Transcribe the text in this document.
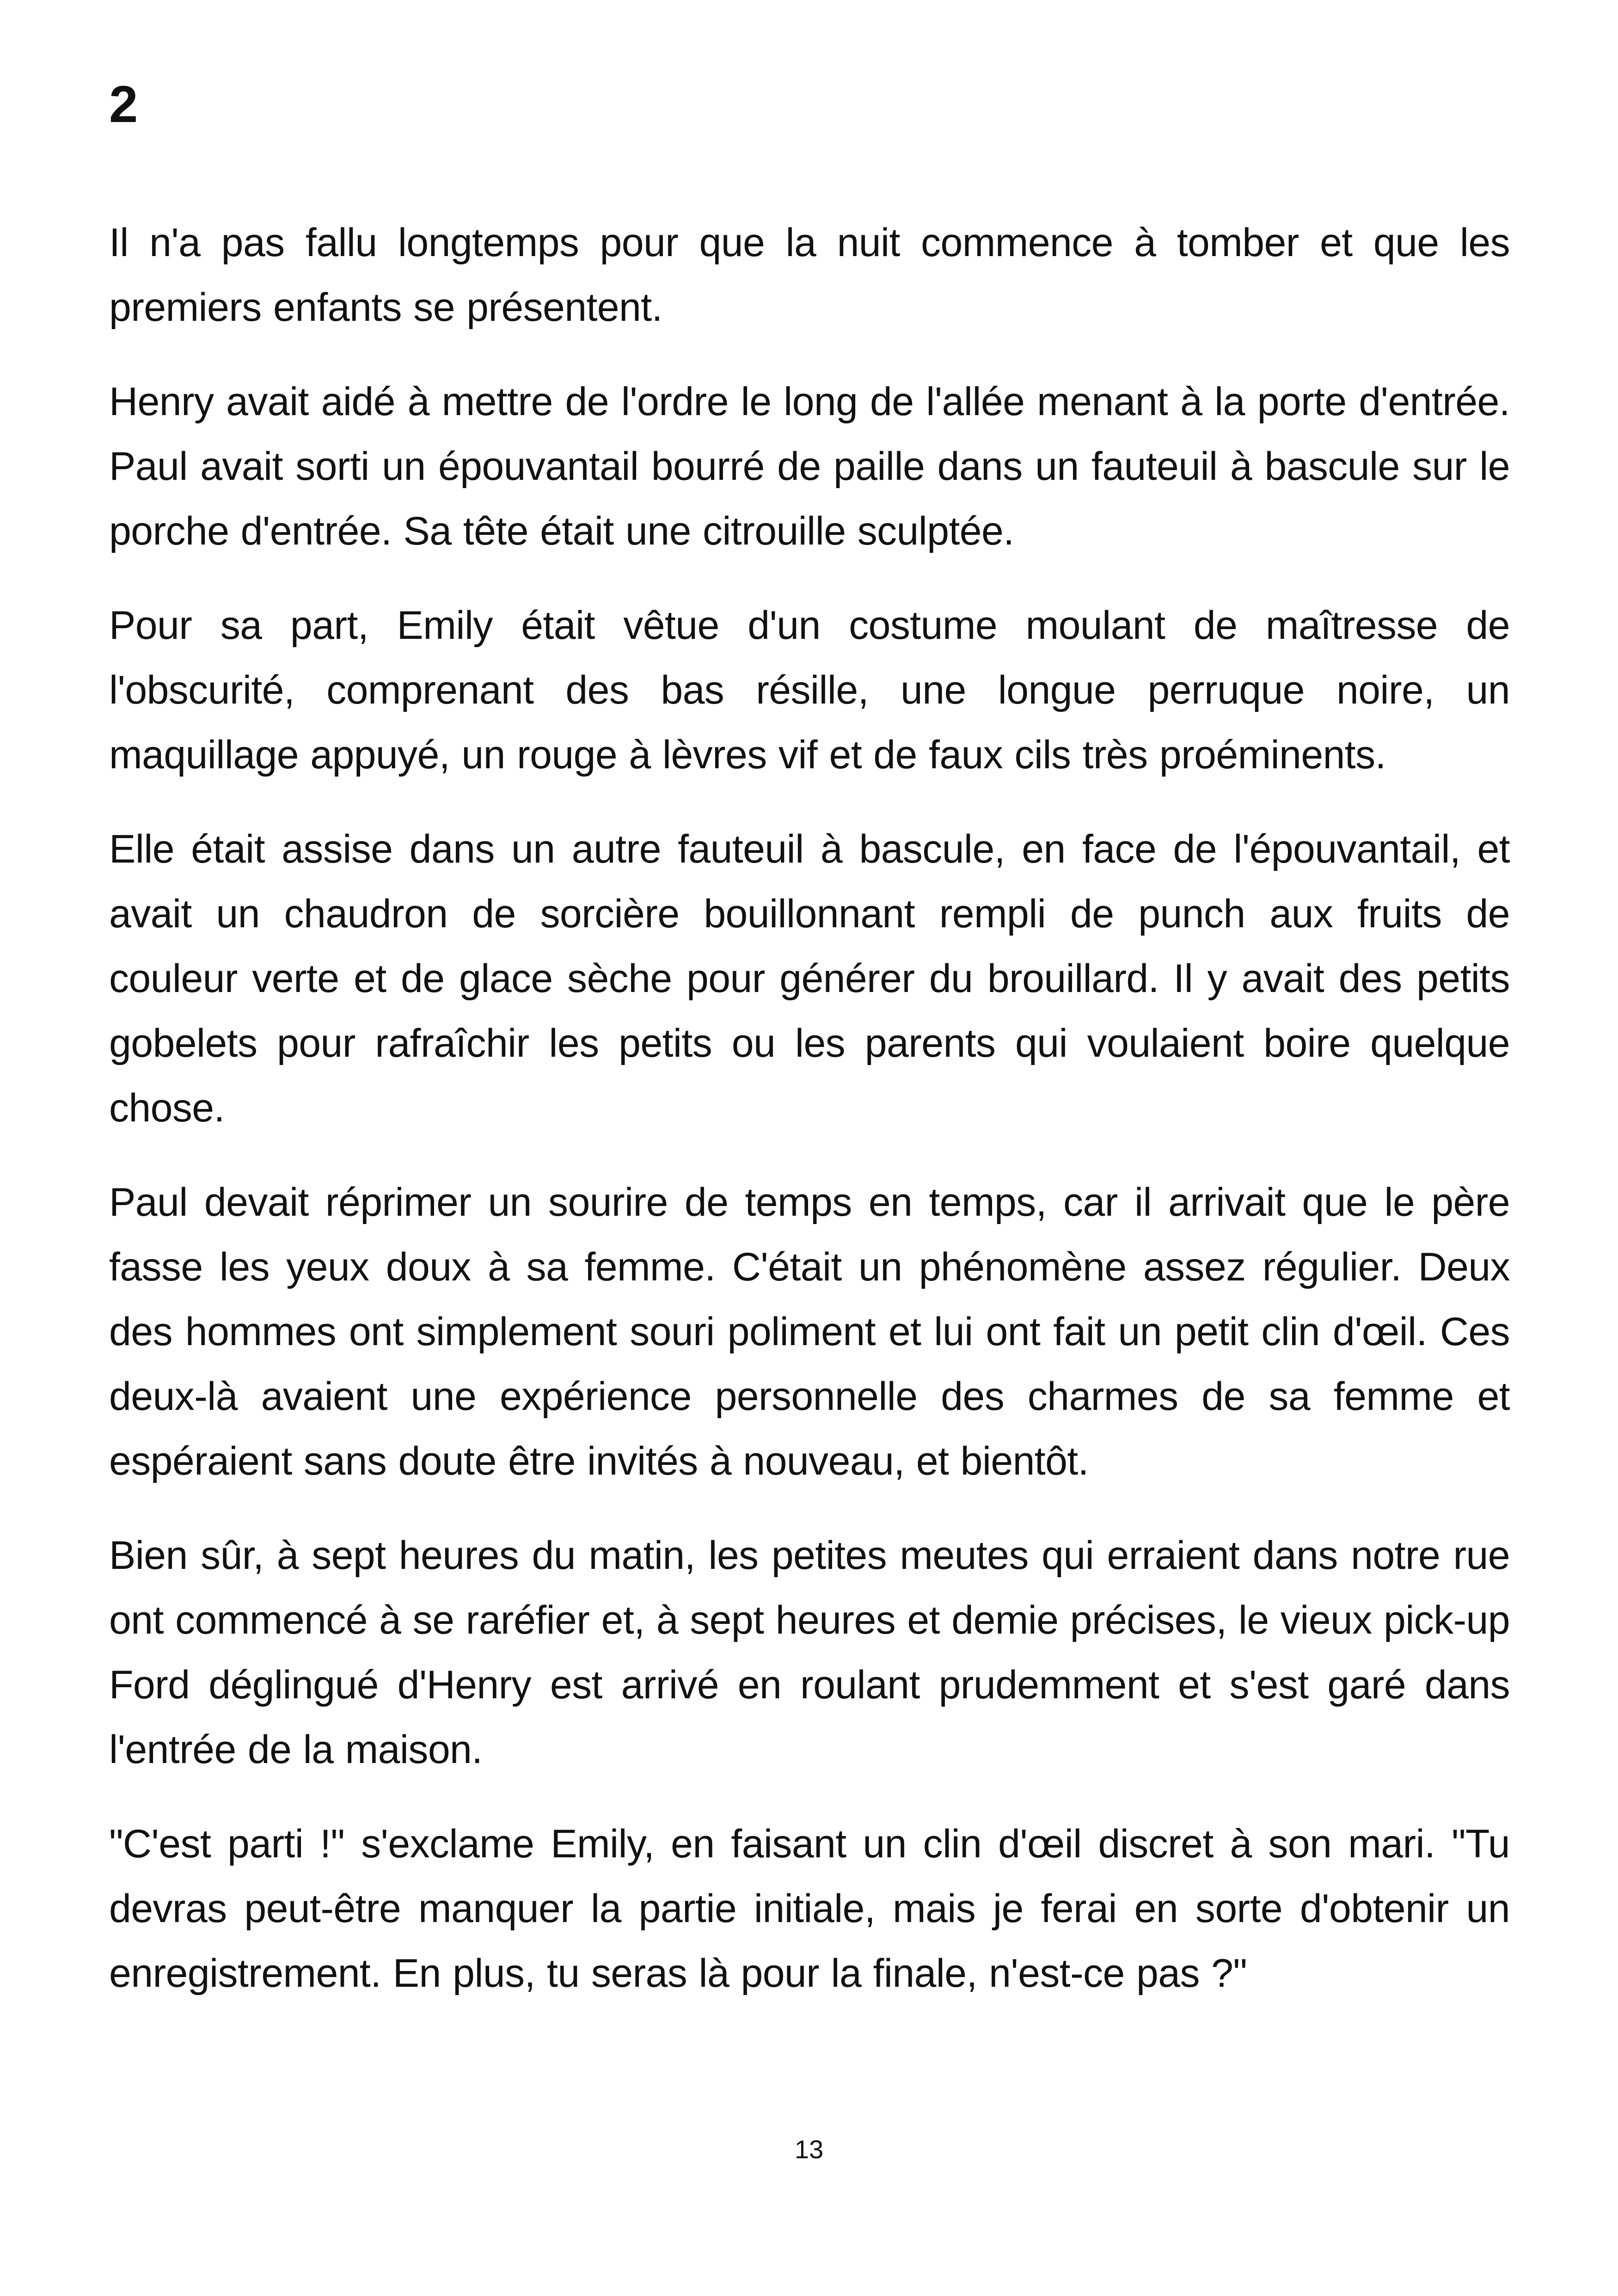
2

Il n'a pas fallu longtemps pour que la nuit commence à tomber et que les premiers enfants se présentent.

Henry avait aidé à mettre de l'ordre le long de l'allée menant à la porte d'entrée. Paul avait sorti un épouvantail bourré de paille dans un fauteuil à bascule sur le porche d'entrée. Sa tête était une citrouille sculptée.

Pour sa part, Emily était vêtue d'un costume moulant de maîtresse de l'obscurité, comprenant des bas résille, une longue perruque noire, un maquillage appuyé, un rouge à lèvres vif et de faux cils très proéminents.

Elle était assise dans un autre fauteuil à bascule, en face de l'épouvantail, et avait un chaudron de sorcière bouillonnant rempli de punch aux fruits de couleur verte et de glace sèche pour générer du brouillard. Il y avait des petits gobelets pour rafraîchir les petits ou les parents qui voulaient boire quelque chose.

Paul devait réprimer un sourire de temps en temps, car il arrivait que le père fasse les yeux doux à sa femme. C'était un phénomène assez régulier. Deux des hommes ont simplement souri poliment et lui ont fait un petit clin d'œil. Ces deux-là avaient une expérience personnelle des charmes de sa femme et espéraient sans doute être invités à nouveau, et bientôt.

Bien sûr, à sept heures du matin, les petites meutes qui erraient dans notre rue ont commencé à se raréfier et, à sept heures et demie précises, le vieux pick-up Ford déglingué d'Henry est arrivé en roulant prudemment et s'est garé dans l'entrée de la maison.

"C'est parti !" s'exclame Emily, en faisant un clin d'œil discret à son mari. "Tu devras peut-être manquer la partie initiale, mais je ferai en sorte d'obtenir un enregistrement. En plus, tu seras là pour la finale, n'est-ce pas ?"

13
